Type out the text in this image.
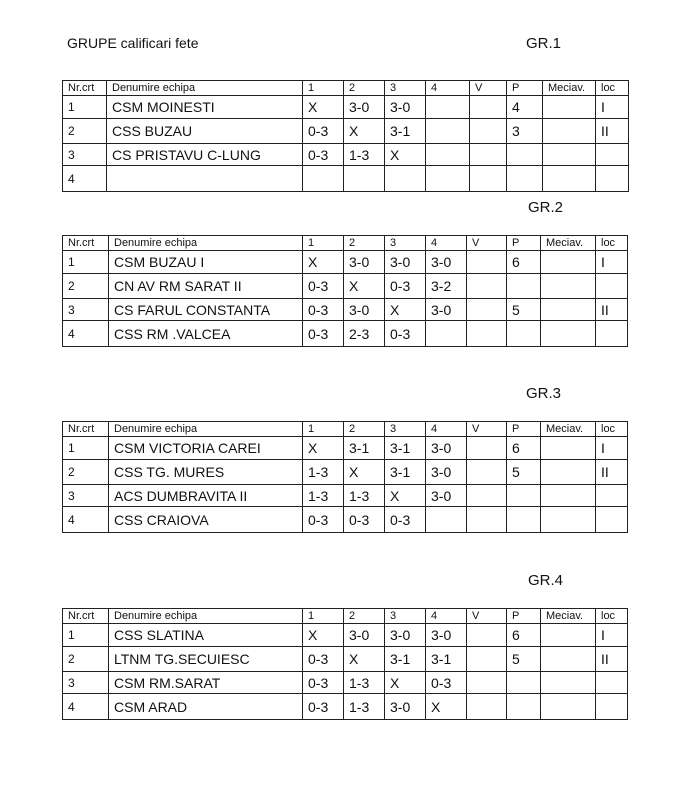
GRUPE calificari fete	GR.1
Nr.crt	Denumire echipa	1	2	3	4	V	P	Meciav.	loc
1	CSM MOINESTI	X	3-0	3-0			4		I
2	CSS BUZAU	0-3	X	3-1			3		II
3	CS PRISTAVU C-LUNG	0-3	1-3	X					
4									
GR.2
Nr.crt	Denumire echipa	1	2	3	4	V	P	Meciav.	loc
1	CSM BUZAU I	X	3-0	3-0	3-0		6		I
2	CN AV RM SARAT II	0-3	X	0-3	3-2				
3	CS FARUL CONSTANTA	0-3	3-0	X	3-0		5		II
4	CSS RM .VALCEA	0-3	2-3	0-3					
GR.3
Nr.crt	Denumire echipa	1	2	3	4	V	P	Meciav.	loc
1	CSM VICTORIA CAREI	X	3-1	3-1	3-0		6		I
2	CSS TG. MURES	1-3	X	3-1	3-0		5		II
3	ACS DUMBRAVITA II	1-3	1-3	X	3-0				
4	CSS CRAIOVA	0-3	0-3	0-3					
GR.4
Nr.crt	Denumire echipa	1	2	3	4	V	P	Meciav.	loc
1	CSS SLATINA	X	3-0	3-0	3-0		6		I
2	LTNM TG.SECUIESC	0-3	X	3-1	3-1		5		II
3	CSM RM.SARAT	0-3	1-3	X	0-3				
4	CSM ARAD	0-3	1-3	3-0	X				
